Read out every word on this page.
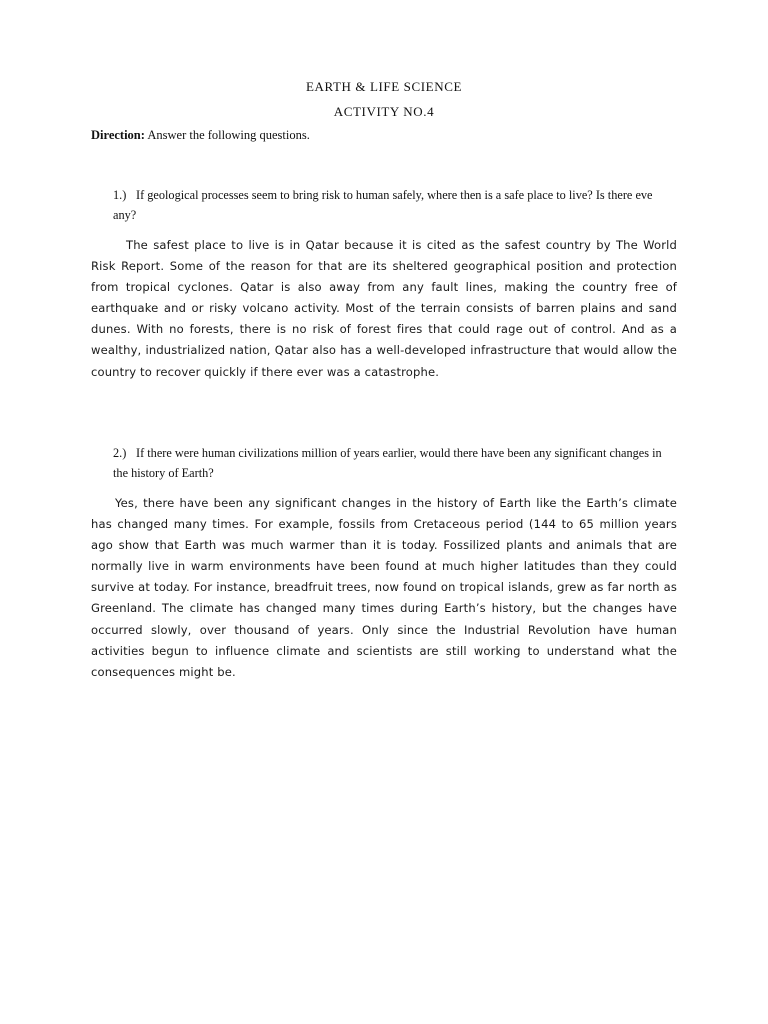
EARTH & LIFE SCIENCE
ACTIVITY NO.4
Direction: Answer the following questions.
1.) If geological processes seem to bring risk to human safely, where then is a safe place to live? Is there eve any?
The safest place to live is in Qatar because it is cited as the safest country by The World Risk Report. Some of the reason for that are its sheltered geographical position and protection from tropical cyclones. Qatar is also away from any fault lines, making the country free of earthquake and or risky volcano activity. Most of the terrain consists of barren plains and sand dunes. With no forests, there is no risk of forest fires that could rage out of control. And as a wealthy, industrialized nation, Qatar also has a well-developed infrastructure that would allow the country to recover quickly if there ever was a catastrophe.
2.) If there were human civilizations million of years earlier, would there have been any significant changes in the history of Earth?
Yes, there have been any significant changes in the history of Earth like the Earth’s climate has changed many times. For example, fossils from Cretaceous period (144 to 65 million years ago show that Earth was much warmer than it is today. Fossilized plants and animals that are normally live in warm environments have been found at much higher latitudes than they could survive at today. For instance, breadfruit trees, now found on tropical islands, grew as far north as Greenland. The climate has changed many times during Earth’s history, but the changes have occurred slowly, over thousand of years. Only since the Industrial Revolution have human activities begun to influence climate and scientists are still working to understand what the consequences might be.
